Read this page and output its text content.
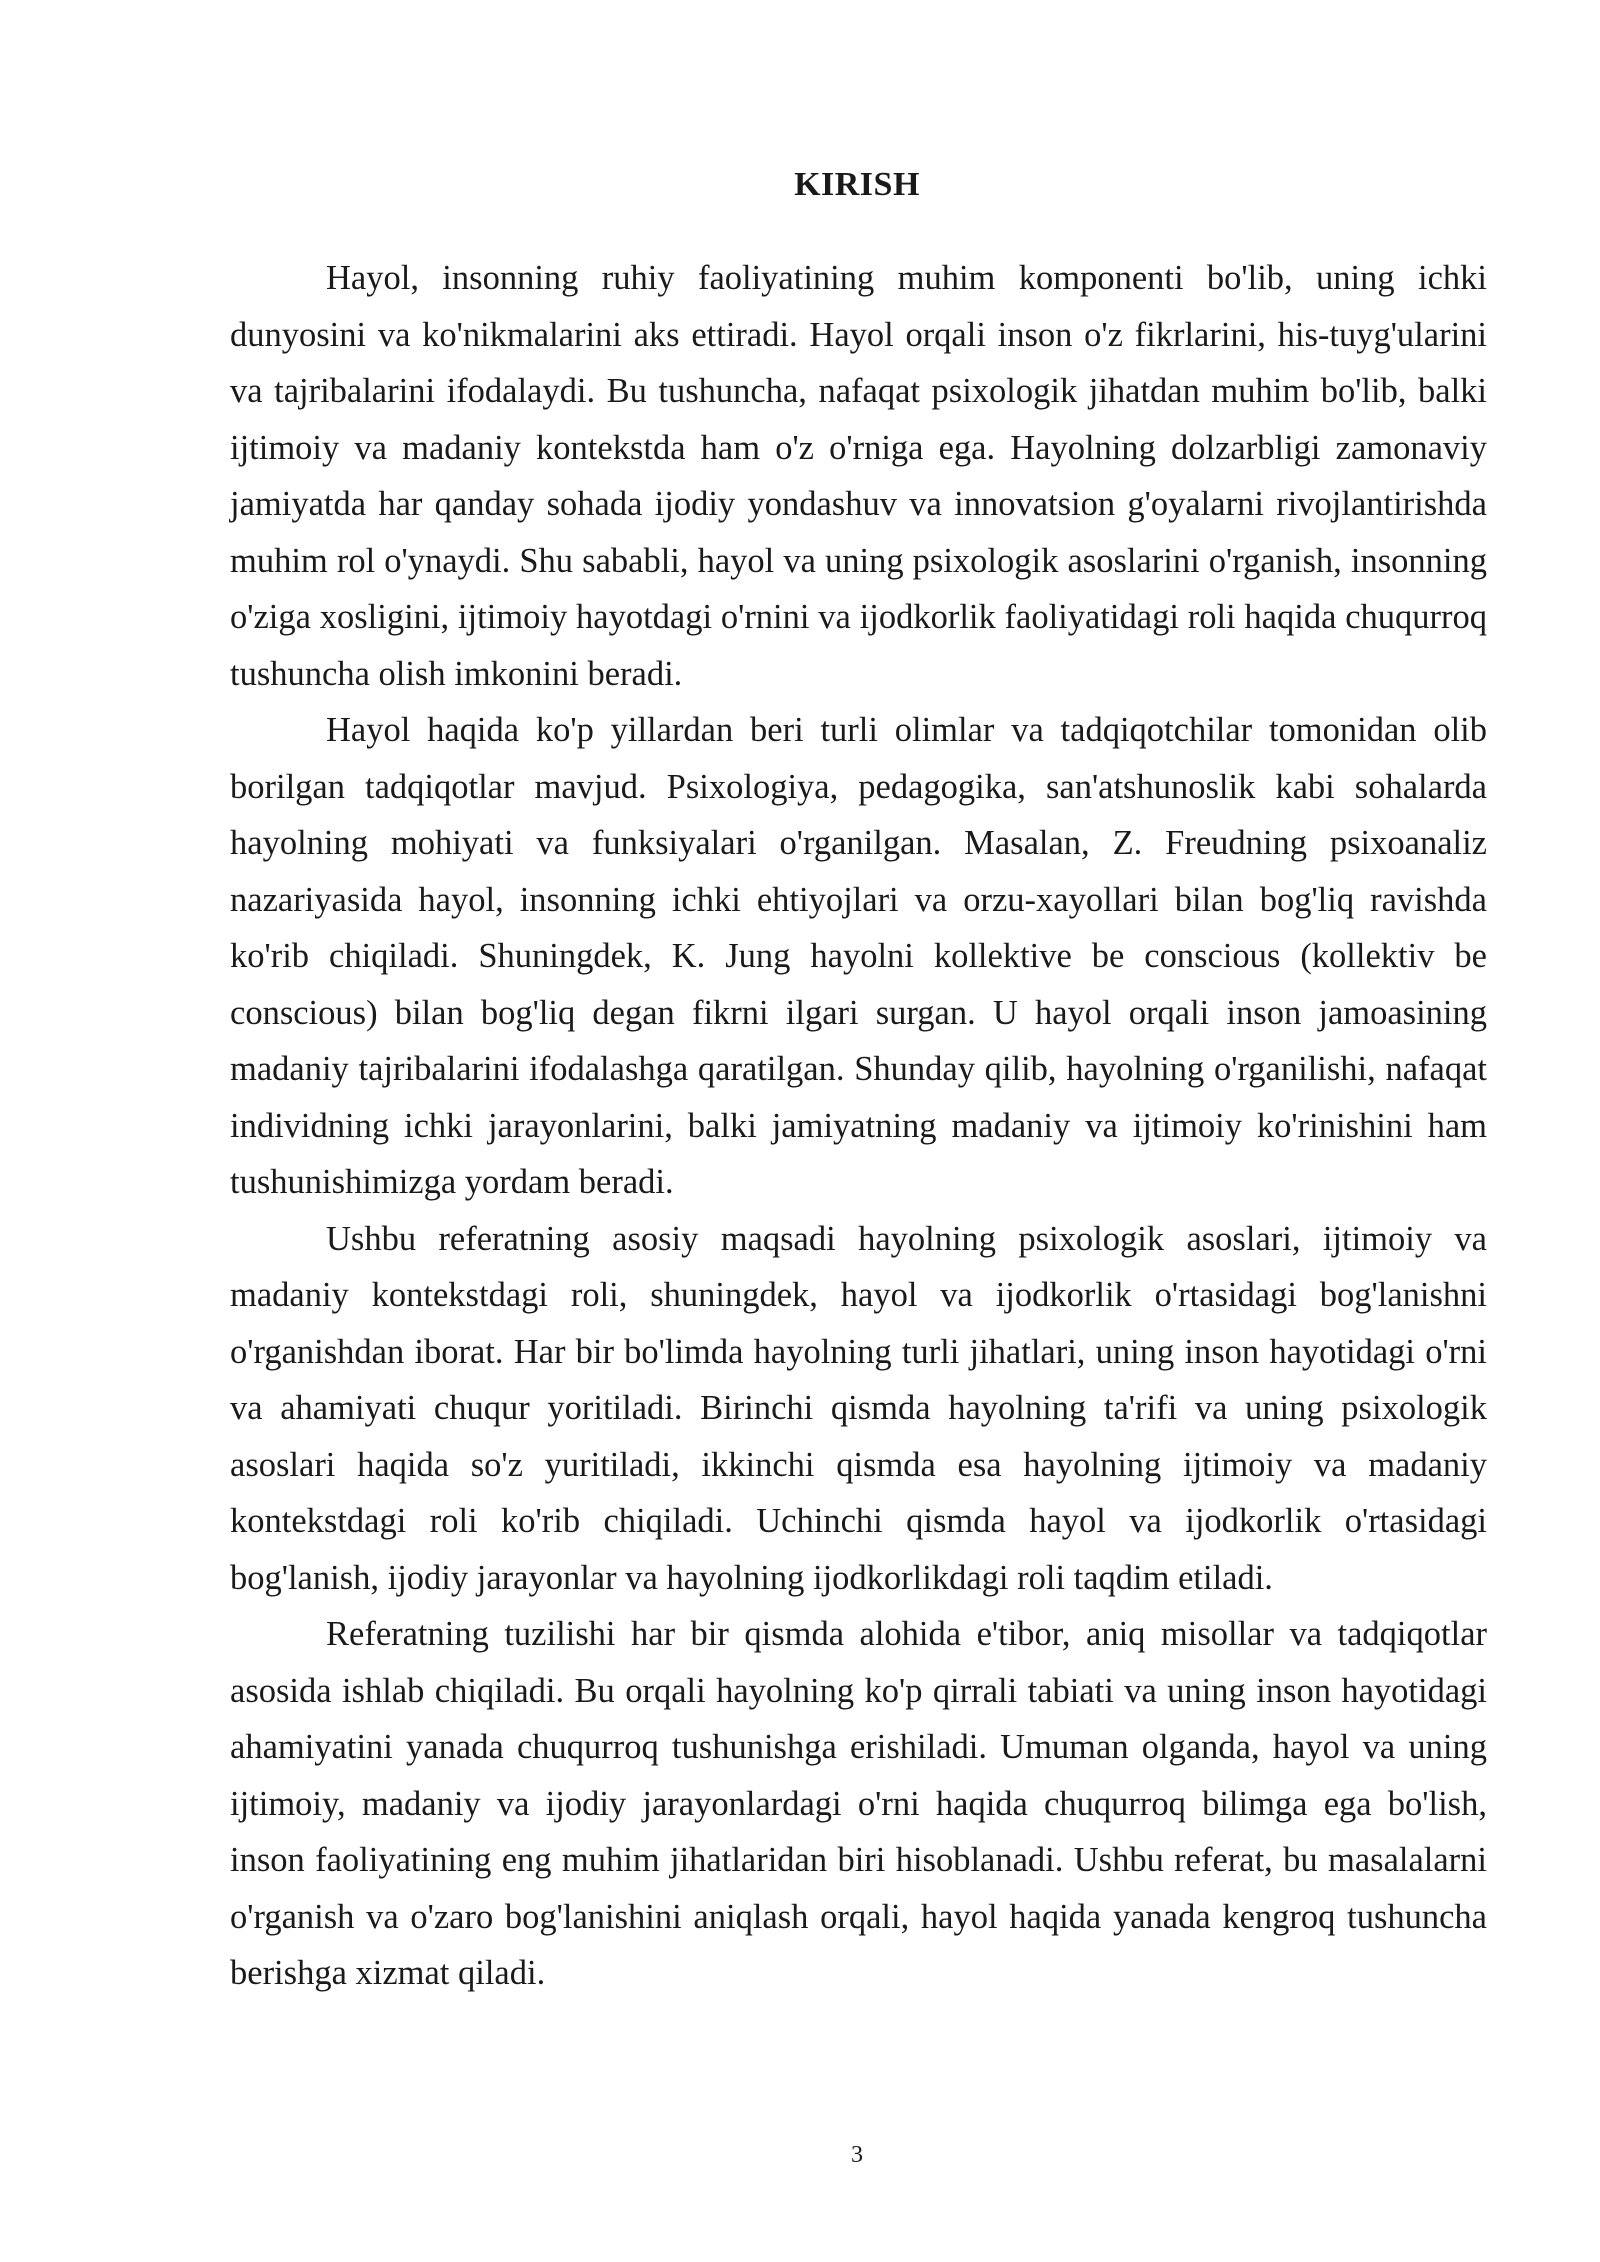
KIRISH

Hayol, insonning ruhiy faoliyatining muhim komponenti bo'lib, uning ichki dunyosini va ko'nikmalarini aks ettiradi. Hayol orqali inson o'z fikrlarini, his-tuyg'ularini va tajribalarini ifodalaydi. Bu tushuncha, nafaqat psixologik jihatdan muhim bo'lib, balki ijtimoiy va madaniy kontekstda ham o'z o'rniga ega. Hayolning dolzarbligi zamonaviy jamiyatda har qanday sohada ijodiy yondashuv va innovatsion g'oyalarni rivojlantirishda muhim rol o'ynaydi. Shu sababli, hayol va uning psixologik asoslarini o'rganish, insonning o'ziga xosligini, ijtimoiy hayotdagi o'rnini va ijodkorlik faoliyatidagi roli haqida chuqurroq tushuncha olish imkonini beradi.

Hayol haqida ko'p yillardan beri turli olimlar va tadqiqotchilar tomonidan olib borilgan tadqiqotlar mavjud. Psixologiya, pedagogika, san'atshunoslik kabi sohalarda hayolning mohiyati va funksiyalari o'rganilgan. Masalan, Z. Freudning psixoanaliz nazariyasida hayol, insonning ichki ehtiyojlari va orzu-xayollari bilan bog'liq ravishda ko'rib chiqiladi. Shuningdek, K. Jung hayolni kollektive be conscious (kollektiv be conscious) bilan bog'liq degan fikrni ilgari surgan. U hayol orqali inson jamoasining madaniy tajribalarini ifodalashga qaratilgan. Shunday qilib, hayolning o'rganilishi, nafaqat individning ichki jarayonlarini, balki jamiyatning madaniy va ijtimoiy ko'rinishini ham tushunishimizga yordam beradi.

Ushbu referatning asosiy maqsadi hayolning psixologik asoslari, ijtimoiy va madaniy kontekstdagi roli, shuningdek, hayol va ijodkorlik o'rtasidagi bog'lanishni o'rganishdan iborat. Har bir bo'limda hayolning turli jihatlari, uning inson hayotidagi o'rni va ahamiyati chuqur yoritiladi. Birinchi qismda hayolning ta'rifi va uning psixologik asoslari haqida so'z yuritiladi, ikkinchi qismda esa hayolning ijtimoiy va madaniy kontekstdagi roli ko'rib chiqiladi. Uchinchi qismda hayol va ijodkorlik o'rtasidagi bog'lanish, ijodiy jarayonlar va hayolning ijodkorlikdagi roli taqdim etiladi.

Referatning tuzilishi har bir qismda alohida e'tibor, aniq misollar va tadqiqotlar asosida ishlab chiqiladi. Bu orqali hayolning ko'p qirrali tabiati va uning inson hayotidagi ahamiyatini yanada chuqurroq tushunishga erishiladi. Umuman olganda, hayol va uning ijtimoiy, madaniy va ijodiy jarayonlardagi o'rni haqida chuqurroq bilimga ega bo'lish, inson faoliyatining eng muhim jihatlaridan biri hisoblanadi. Ushbu referat, bu masalalarni o'rganish va o'zaro bog'lanishini aniqlash orqali, hayol haqida yanada kengroq tushuncha berishga xizmat qiladi.

3
